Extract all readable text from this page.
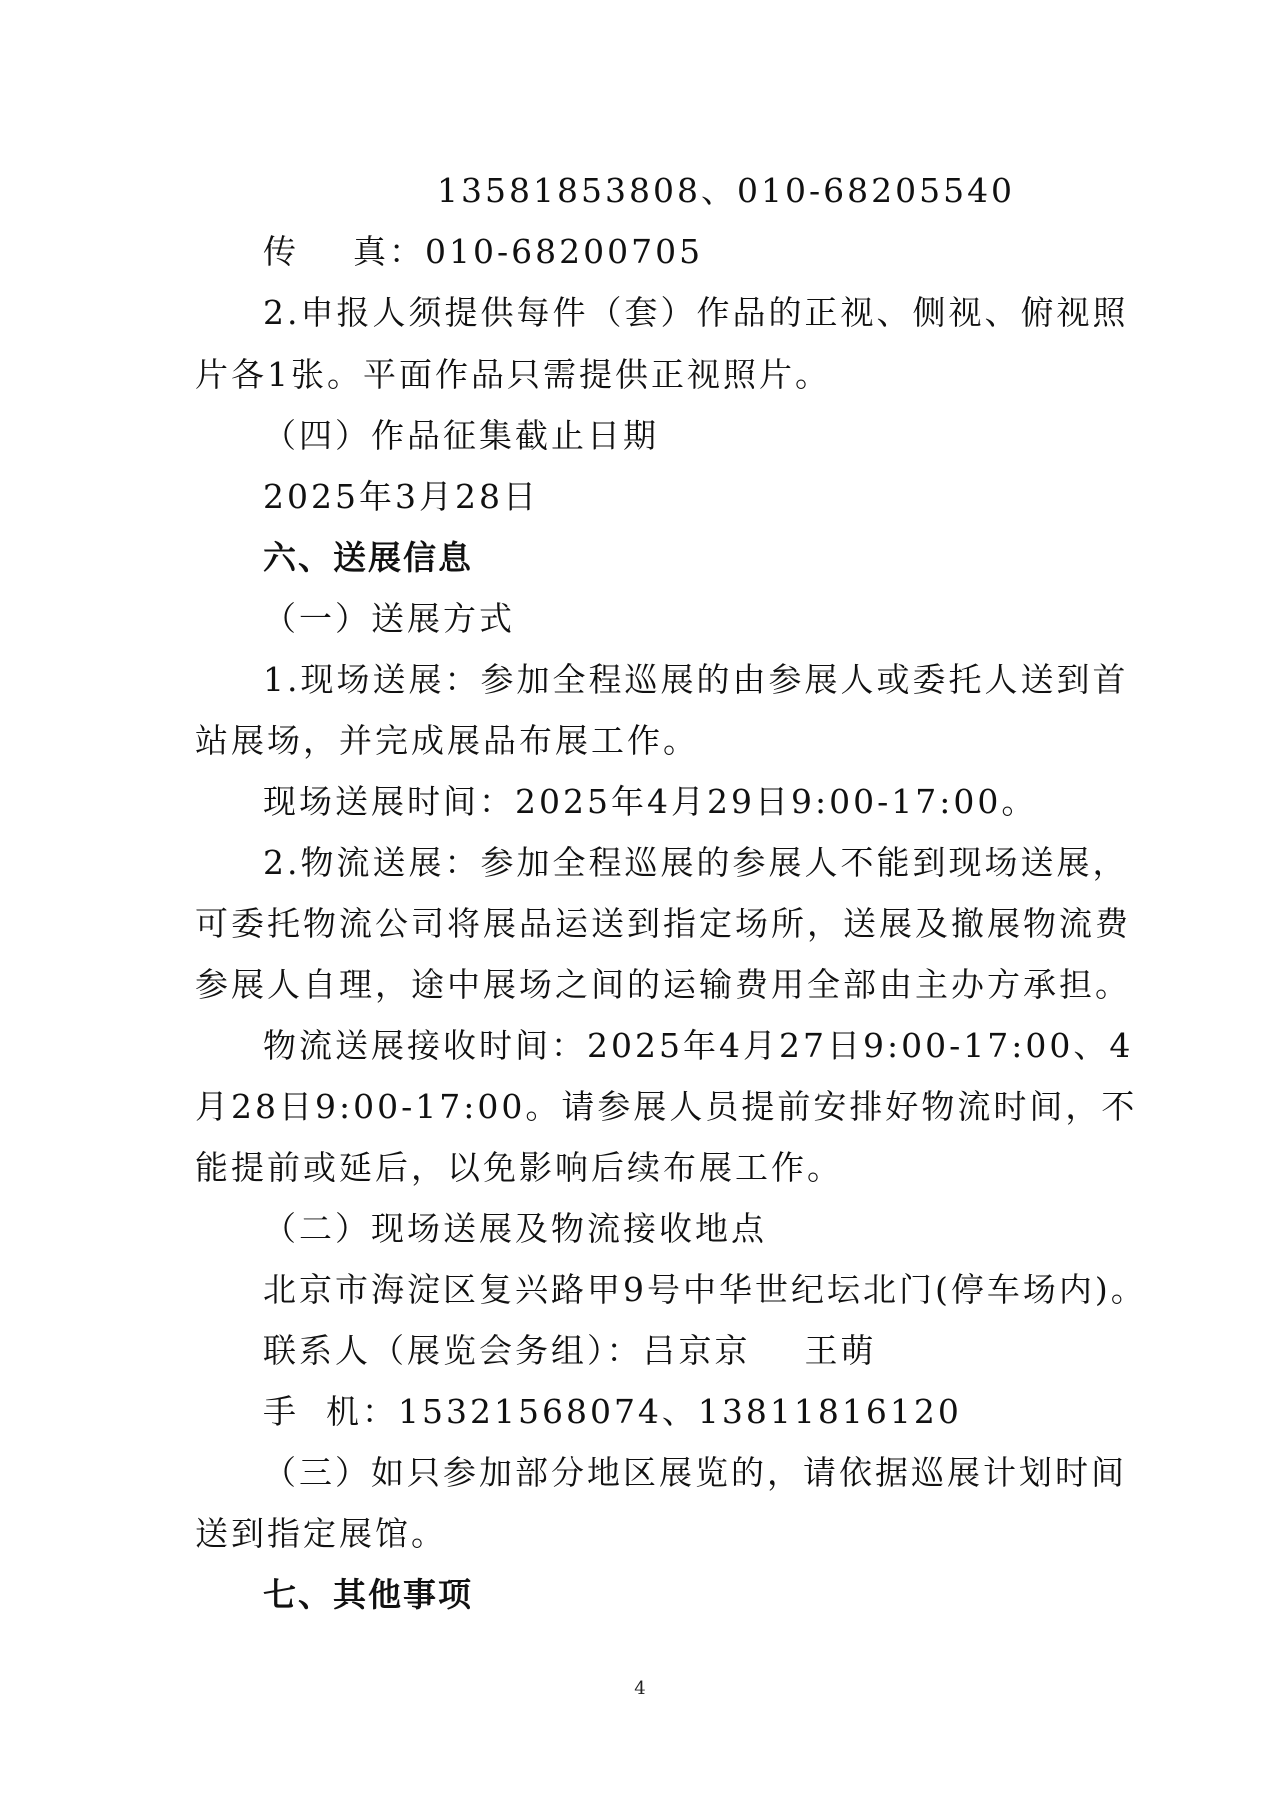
13581853808、010-68205540
传    真：010-68200705
2.申报人须提供每件（套）作品的正视、侧视、俯视照
片各1张。平面作品只需提供正视照片。
（四）作品征集截止日期
2025年3月28日
六、送展信息
（一）送展方式
1.现场送展：参加全程巡展的由参展人或委托人送到首
站展场，并完成展品布展工作。
现场送展时间：2025年4月29日9:00-17:00。
2.物流送展：参加全程巡展的参展人不能到现场送展，
可委托物流公司将展品运送到指定场所，送展及撤展物流费
参展人自理，途中展场之间的运输费用全部由主办方承担。
物流送展接收时间：2025年4月27日9:00-17:00、4
月28日9:00-17:00。请参展人员提前安排好物流时间，不
能提前或延后，以免影响后续布展工作。
（二）现场送展及物流接收地点
北京市海淀区复兴路甲9号中华世纪坛北门(停车场内)。
联系人（展览会务组）：吕京京    王萌
手  机：15321568074、13811816120
（三）如只参加部分地区展览的，请依据巡展计划时间
送到指定展馆。
七、其他事项
4
